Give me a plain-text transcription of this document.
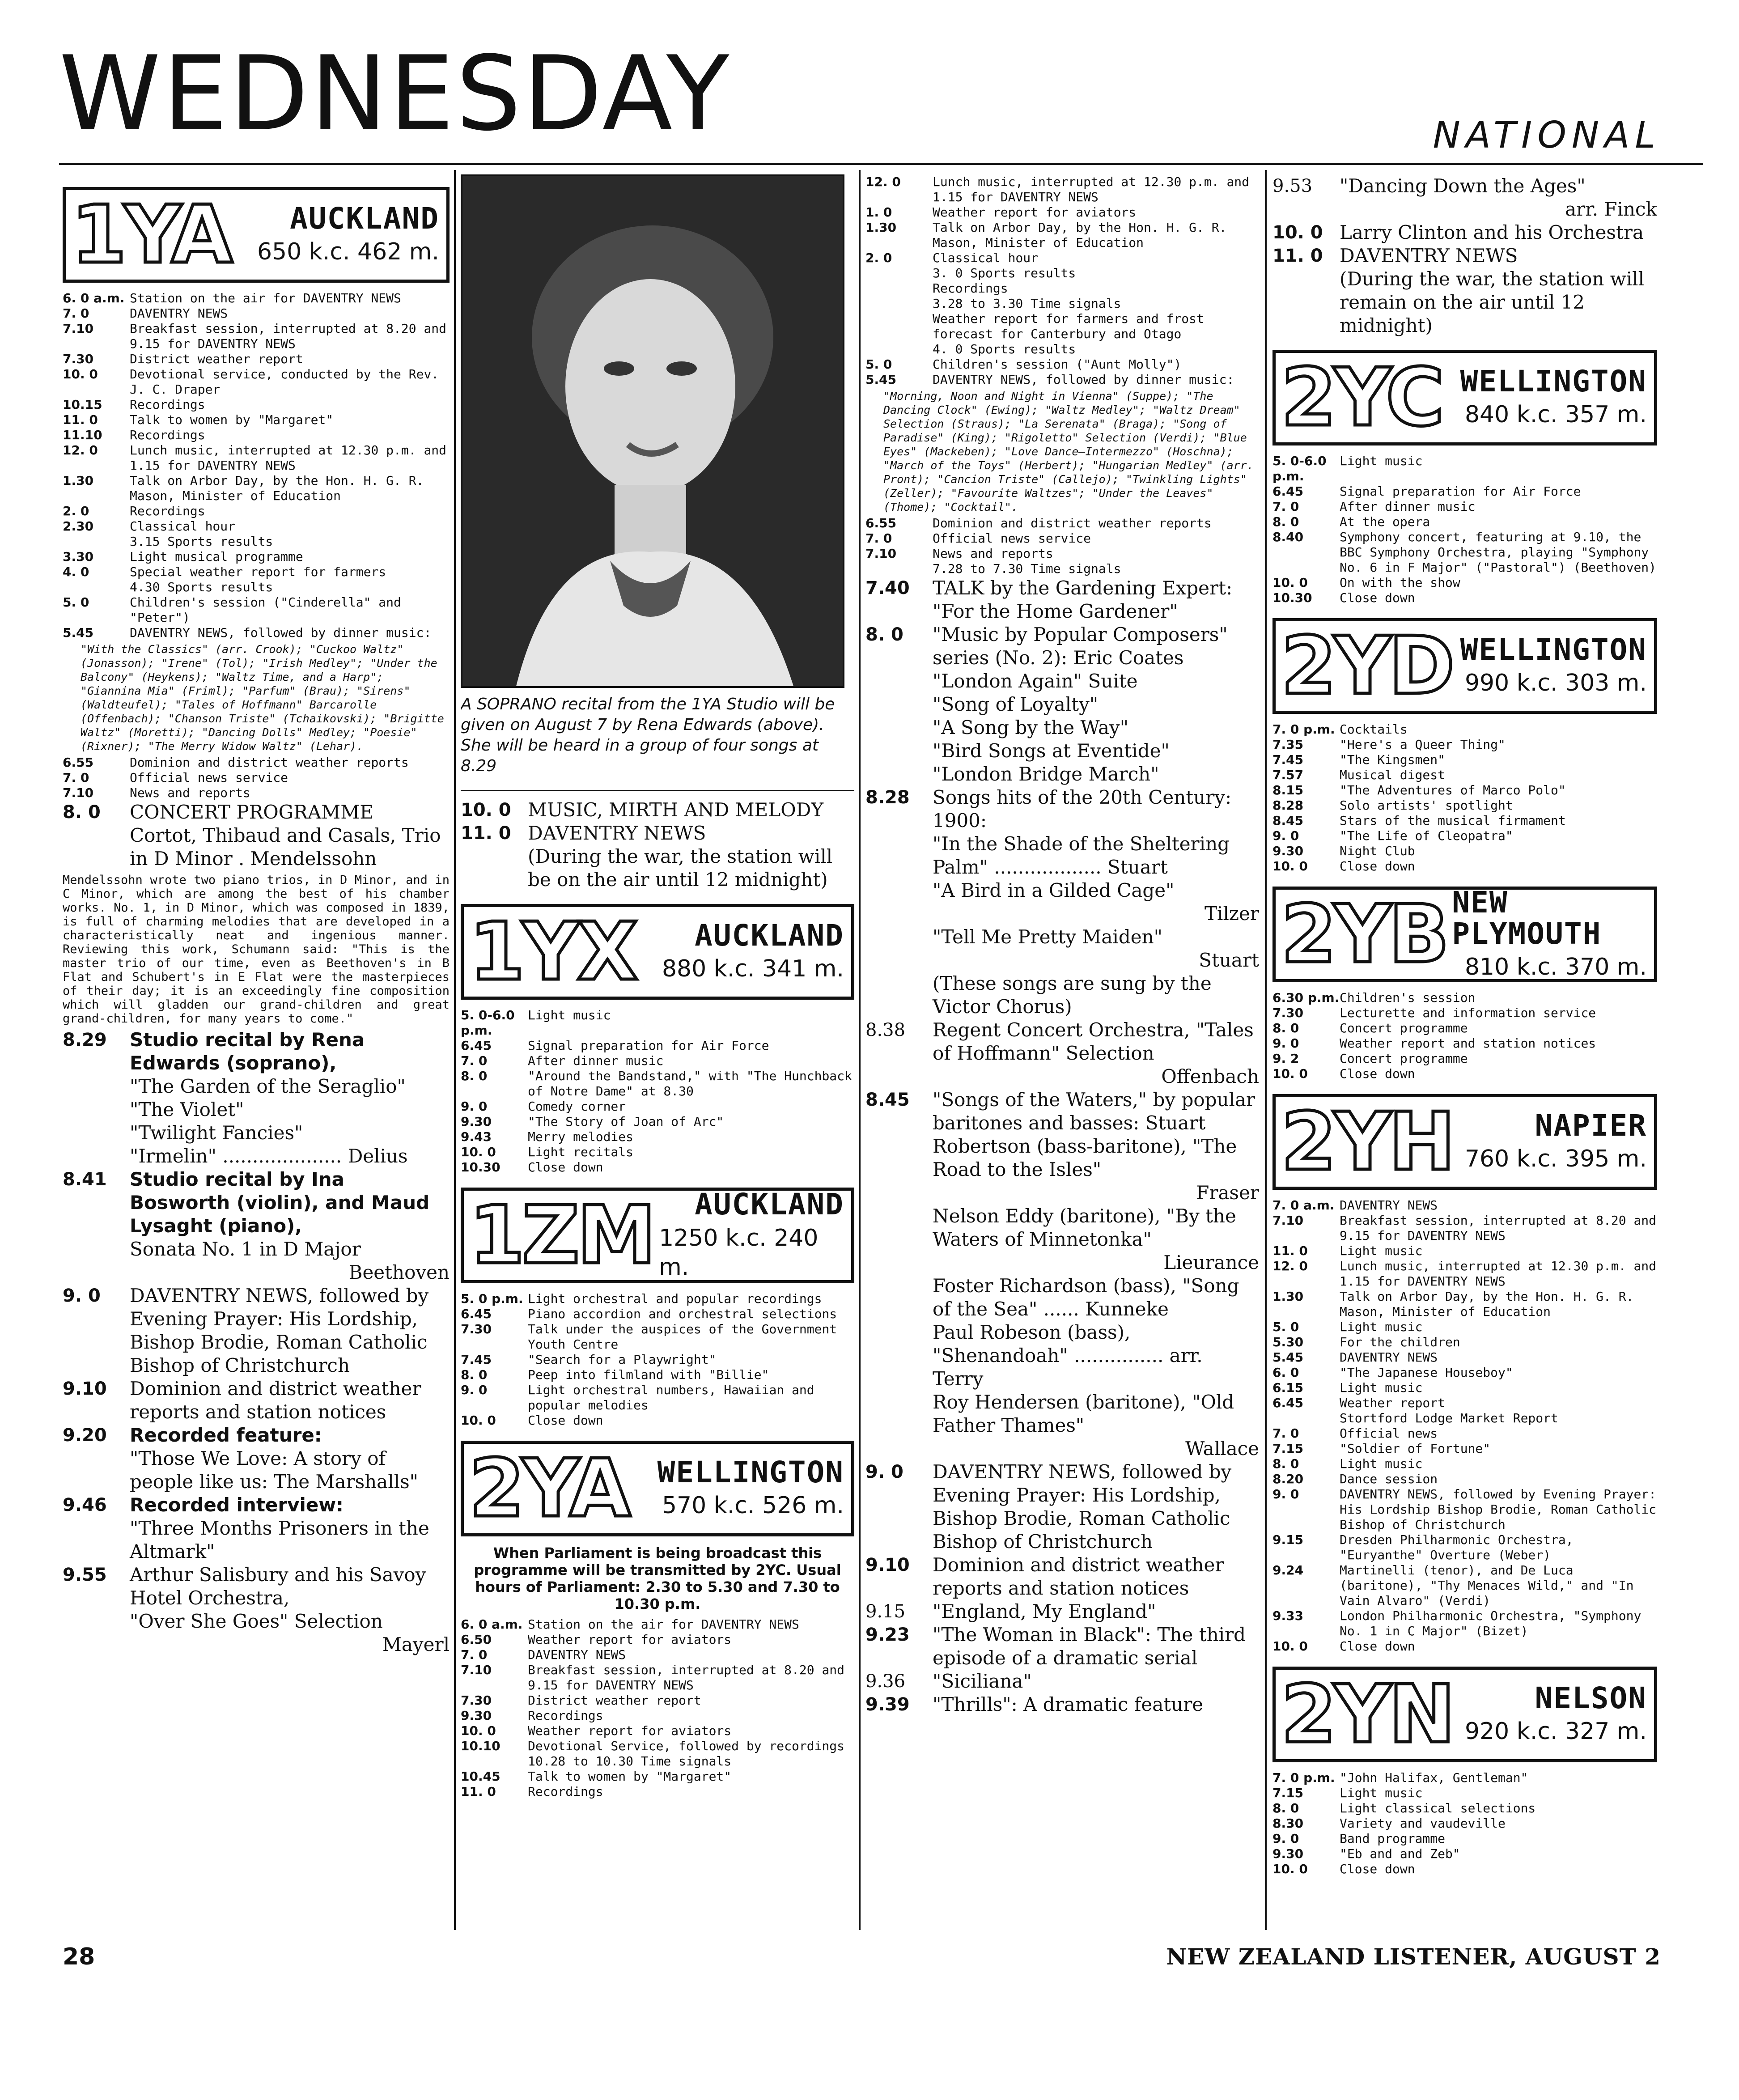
WEDNESDAY	NATIONAL
1YA AUCKLAND
650 k.c. 462 m.
6. 0 a.m. Station on the air for DAVENTRY NEWS
7. 0	DAVENTRY NEWS
7.10	Breakfast session, interrupted at 8.20 and 9.15 for DAVENTRY NEWS
7.30	District weather report
10. 0	Devotional service, conducted by the Rev. J. C. Draper
10.15	Recordings
11. 0	Talk to women by "Margaret"
11.10	Recordings
12. 0	Lunch music, interrupted at 12.30 p.m. and 1.15 for DAVENTRY NEWS
1.30	Talk on Arbor Day, by the Hon. H. G. R. Mason, Minister of Education
2. 0	Recordings
2.30	Classical hour
3.15 Sports results
3.30	Light musical programme
4. 0	Special weather report for farmers
4.30 Sports results
5. 0	Children's session ("Cinderella" and "Peter")
5.45	DAVENTRY NEWS, followed by dinner music:
"With the Classics" (arr. Crook); "Cuckoo Waltz" (Jonasson); "Irene" (Tol); "Irish Medley"; "Under the Balcony" (Heykens); "Waltz Time, and a Harp"; "Giannina Mia" (Friml); "Parfum" (Brau); "Sirens" (Waldteufel); "Tales of Hoffmann" Barcarolle (Offenbach); "Chanson Triste" (Tchaikovski); "Brigitte Waltz" (Moretti); "Dancing Dolls" Medley; "Poesie" (Rixner); "The Merry Widow Waltz" (Lehar).
6.55	Dominion and district weather reports
7. 0	Official news service
7.10	News and reports
8. 0	CONCERT PROGRAMME
Cortot, Thibaud and Casals, Trio in D Minor . Mendelssohn
Mendelssohn wrote two piano trios, in D Minor, and in C Minor, which are among the best of his chamber works. No. 1, in D Minor, which was composed in 1839, is full of charming melodies that are developed in a characteristically neat and ingenious manner. Reviewing this work, Schumann said: "This is the master trio of our time, even as Beethoven's in B Flat and Schubert's in E Flat were the masterpieces of their day; it is an exceedingly fine composition which will gladden our grand-children and great grand-children, for many years to come."
8.29	Studio recital by Rena Edwards (soprano),
"The Garden of the Seraglio"
"The Violet"
"Twilight Fancies"
"Irmelin" .................... Delius
8.41	Studio recital by Ina Bosworth (violin), and Maud Lysaght (piano),
Sonata No. 1 in D Major
Beethoven
9. 0	DAVENTRY NEWS, followed by Evening Prayer: His Lordship, Bishop Brodie, Roman Catholic Bishop of Christchurch
9.10	Dominion and district weather reports and station notices
9.20	Recorded feature:
"Those We Love: A story of people like us: The Marshalls"
9.46	Recorded interview:
"Three Months Prisoners in the Altmark"
9.55	Arthur Salisbury and his Savoy Hotel Orchestra,
"Over She Goes" Selection
Mayerl
A SOPRANO recital from the 1YA Studio will be given on August 7 by Rena Edwards (above). She will be heard in a group of four songs at 8.29
10. 0 MUSIC, MIRTH AND MELODY
11. 0 DAVENTRY NEWS
(During the war, the station will be on the air until 12 midnight)
1YX AUCKLAND
880 k.c. 341 m.
5. 0-6.0 p.m.
Light music
6.45	Signal preparation for Air Force
7. 0	After dinner music
8. 0	"Around the Bandstand," with "The Hunchback of Notre Dame" at 8.30
9. 0	Comedy corner
9.30	"The Story of Joan of Arc"
9.43	Merry melodies
10. 0	Light recitals
10.30	Close down
1ZM AUCKLAND
1250 k.c. 240 m.
5. 0 p.m. Light orchestral and popular recordings
6.45	Piano accordion and orchestral selections
7.30	Talk under the auspices of the Government Youth Centre
7.45	"Search for a Playwright"
8. 0	Peep into filmland with "Billie"
9. 0	Light orchestral numbers, Hawaiian and popular melodies
10. 0	Close down
2YA WELLINGTON
570 k.c. 526 m.
When Parliament is being broadcast this programme will be transmitted by 2YC. Usual hours of Parliament: 2.30 to 5.30 and 7.30 to 10.30 p.m.
6. 0 a.m. Station on the air for DAVENTRY NEWS
6.50	Weather report for aviators
7. 0	DAVENTRY NEWS
7.10	Breakfast session, interrupted at 8.20 and 9.15 for DAVENTRY NEWS
7.30	District weather report
9.30	Recordings
10. 0	Weather report for aviators
10.10	Devotional Service, followed by recordings
10.28 to 10.30 Time signals
10.45	Talk to women by "Margaret"
11. 0	Recordings
12. 0	Lunch music, interrupted at 12.30 p.m. and 1.15 for DAVENTRY NEWS
1. 0	Weather report for aviators
1.30	Talk on Arbor Day, by the Hon. H. G. R. Mason, Minister of Education
2. 0	Classical hour
3. 0 Sports results
Recordings
3.28 to 3.30 Time signals
Weather report for farmers and frost forecast for Canterbury and Otago
4. 0 Sports results
5. 0	Children's session ("Aunt Molly")
5.45	DAVENTRY NEWS, followed by dinner music:
"Morning, Noon and Night in Vienna" (Suppe); "The Dancing Clock" (Ewing); "Waltz Medley"; "Waltz Dream" Selection (Straus); "La Serenata" (Braga); "Song of Paradise" (King); "Rigoletto" Selection (Verdi); "Blue Eyes" (Mackeben); "Love Dance—Intermezzo" (Hoschna); "March of the Toys" (Herbert); "Hungarian Medley" (arr. Pront); "Cancion Triste" (Callejo); "Twinkling Lights" (Zeller); "Favourite Waltzes"; "Under the Leaves" (Thome); "Cocktail".
6.55	Dominion and district weather reports
7. 0	Official news service
7.10	News and reports
7.28 to 7.30 Time signals
7.40	TALK by the Gardening Expert: "For the Home Gardener"
8. 0	"Music by Popular Composers" series (No. 2): Eric Coates
"London Again" Suite
"Song of Loyalty"
"A Song by the Way"
"Bird Songs at Eventide"
"London Bridge March"
8.28	Songs hits of the 20th Century: 1900:
"In the Shade of the Sheltering Palm" .................. Stuart
"A Bird in a Gilded Cage"
Tilzer
"Tell Me Pretty Maiden"
Stuart
(These songs are sung by the Victor Chorus)
8.38	Regent Concert Orchestra, "Tales of Hoffmann" Selection
Offenbach
8.45	"Songs of the Waters," by popular baritones and basses: Stuart Robertson (bass-baritone), "The Road to the Isles"
Fraser
Nelson Eddy (baritone), "By the Waters of Minnetonka"
Lieurance
Foster Richardson (bass), "Song of the Sea" ...... Kunneke
Paul Robeson (bass), "Shenandoah" ............... arr. Terry
Roy Hendersen (baritone), "Old Father Thames"
Wallace
9. 0	DAVENTRY NEWS, followed by Evening Prayer: His Lordship, Bishop Brodie, Roman Catholic Bishop of Christchurch
9.10	Dominion and district weather reports and station notices
9.15	"England, My England"
9.23	"The Woman in Black": The third episode of a dramatic serial
9.36	"Siciliana"
9.39	"Thrills": A dramatic feature
9.53	"Dancing Down the Ages"
arr. Finck
10. 0 Larry Clinton and his Orchestra
11. 0 DAVENTRY NEWS
(During the war, the station will remain on the air until 12 midnight)
2YC WELLINGTON
840 k.c. 357 m.
5. 0-6.0 p.m.
Light music
6.45	Signal preparation for Air Force
7. 0	After dinner music
8. 0	At the opera
8.40	Symphony concert, featuring at 9.10, the BBC Symphony Orchestra, playing "Symphony No. 6 in F Major" ("Pastoral") (Beethoven)
10. 0	On with the show
10.30	Close down
2YD WELLINGTON
990 k.c. 303 m.
7. 0 p.m. Cocktails
7.35	"Here's a Queer Thing"
7.45	"The Kingsmen"
7.57	Musical digest
8.15	"The Adventures of Marco Polo"
8.28	Solo artists' spotlight
8.45	Stars of the musical firmament
9. 0	"The Life of Cleopatra"
9.30	Night Club
10. 0	Close down
2YB NEW PLYMOUTH
810 k.c. 370 m.
6.30 p.m. Children's session
7.30	Lecturette and information service
8. 0	Concert programme
9. 0	Weather report and station notices
9. 2	Concert programme
10. 0	Close down
2YH	NAPIER
760 k.c. 395 m.
7. 0 a.m. DAVENTRY NEWS
7.10	Breakfast session, interrupted at 8.20 and 9.15 for DAVENTRY NEWS
11. 0	Light music
12. 0	Lunch music, interrupted at 12.30 p.m. and 1.15 for DAVENTRY NEWS
1.30	Talk on Arbor Day, by the Hon. H. G. R. Mason, Minister of Education
5. 0	Light music
5.30	For the children
5.45	DAVENTRY NEWS
6. 0	"The Japanese Houseboy"
6.15	Light music
6.45	Weather report
Stortford Lodge Market Report
7. 0	Official news
7.15	"Soldier of Fortune"
8. 0	Light music
8.20	Dance session
9. 0	DAVENTRY NEWS, followed by Evening Prayer: His Lordship Bishop Brodie, Roman Catholic Bishop of Christchurch
9.15	Dresden Philharmonic Orchestra, "Euryanthe" Overture (Weber)
9.24	Martinelli (tenor), and De Luca (baritone), "Thy Menaces Wild," and "In Vain Alvaro" (Verdi)
9.33	London Philharmonic Orchestra, "Symphony No. 1 in C Major" (Bizet)
10. 0	Close down
2YN	NELSON
920 k.c. 327 m.
7. 0 p.m. "John Halifax, Gentleman"
7.15	Light music
8. 0	Light classical selections
8.30	Variety and vaudeville
9. 0	Band programme
9.30	"Eb and and Zeb"
10. 0	Close down
28	NEW ZEALAND LISTENER, AUGUST 2
